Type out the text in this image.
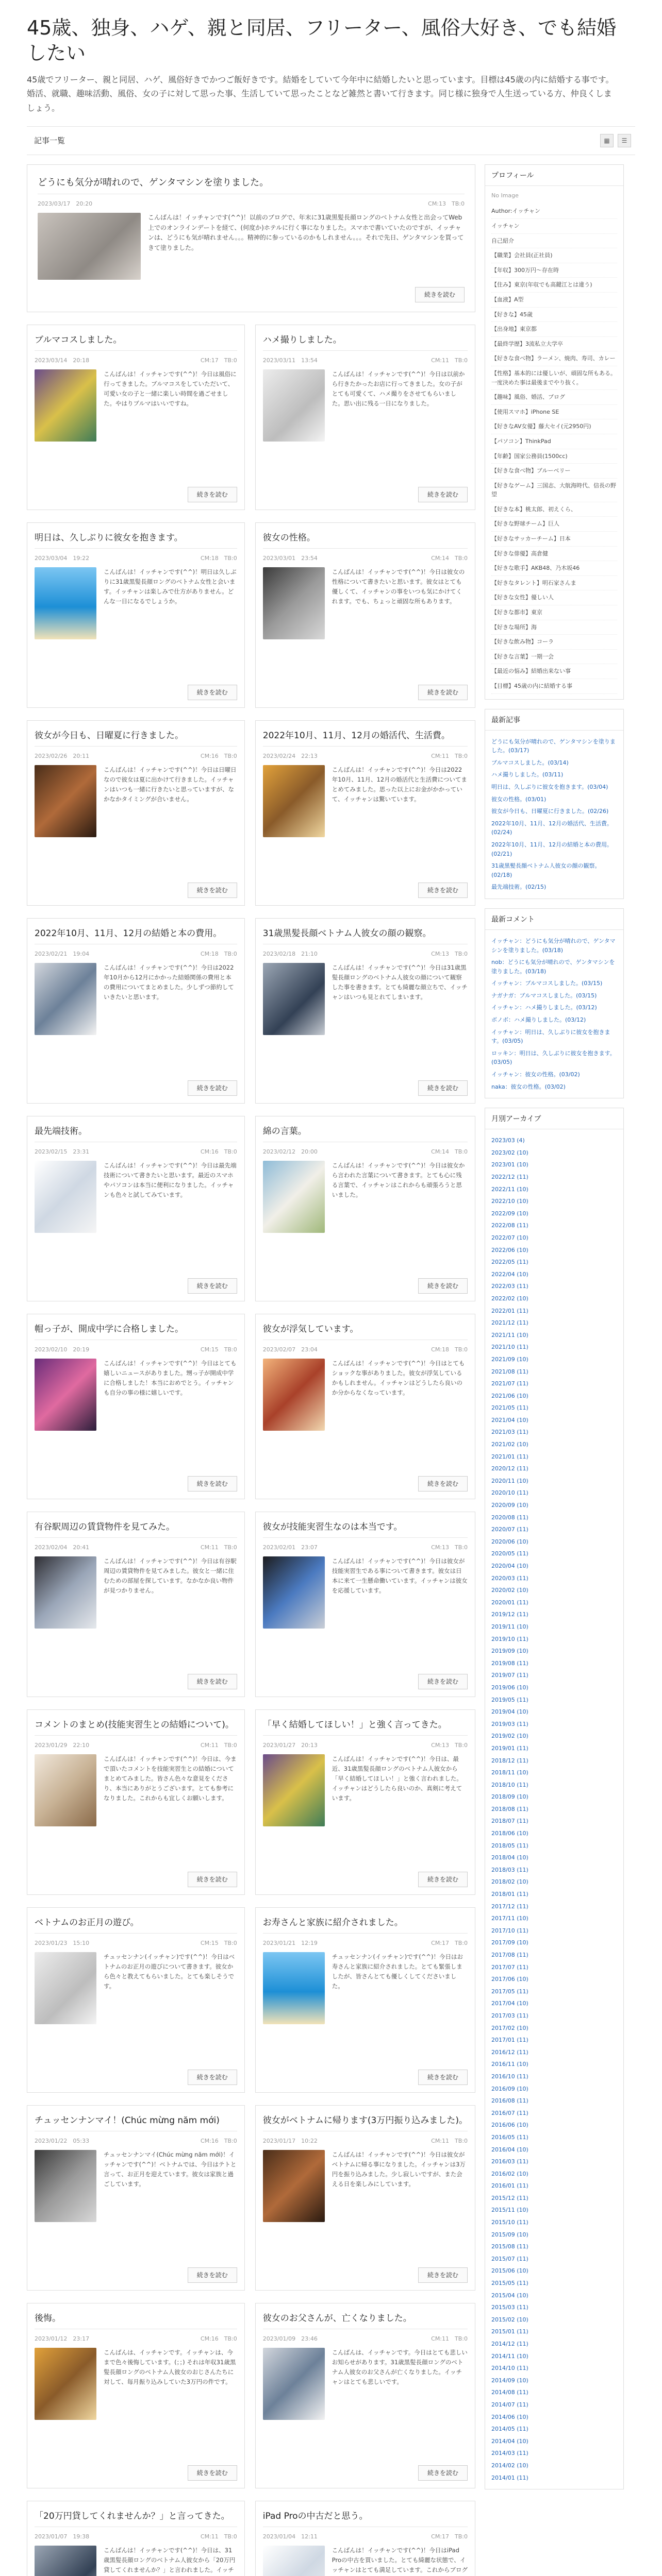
45歳、独身、ハゲ、親と同居、フリーター、風俗大好き、でも結婚したい
45歳でフリーター、親と同居、ハゲ、風俗好きでかつご飯好きです。結婚をしていて今年中に結婚したいと思っています。目標は45歳の内に結婚する事です。婚活、就職、趣味活動、風俗、女の子に対して思った事、生活していて思ったことなど雑然と書いて行きます。同じ様に独身で人生送っている方、仲良くしましょう。
記事一覧	▦	☰
どうにも気分が晴れので、ゲンタマシンを塗りました。
2023/03/17　20:20	CM:13　TB:0
こんばんは！イッチャンです(^^)！以前のブログで、年末に31歳黒髪長顔ロングのベトナム女性と出会ってWeb上でのオンラインデートを経て、(何度か)ホテルに行く事になりました。スマホで書いていたのですが、イッチャンは、どうにも気が晴れません。。。精神的に参っているのかもしれません。。。それで先日、ゲンタマシンを買ってきて塗りました。
続きを読む
ブルマコスしました。
2023/03/14　20:18	CM:17　TB:0
こんばんは！イッチャンです(^^)！今日は風俗に行ってきました。ブルマコスをしていただいて、可愛い女の子と一緒に楽しい時間を過ごせました。やはりブルマはいいですね。
続きを読む
ハメ撮りしました。
2023/03/11　13:54	CM:11　TB:0
こんばんは！イッチャンです(^^)！今日は以前から行きたかったお店に行ってきました。女の子がとても可愛くて、ハメ撮りをさせてもらいました。思い出に残る一日になりました。
続きを読む
明日は、久しぶりに彼女を抱きます。
2023/03/04　19:22	CM:18　TB:0
こんばんは！イッチャンです(^^)！明日は久しぶりに31歳黒髪長顔ロングのベトナム女性と会います。イッチャンは楽しみで仕方がありません。どんな一日になるでしょうか。
続きを読む
彼女の性格。
2023/03/01　23:54	CM:14　TB:0
こんばんは！イッチャンです(^^)！今日は彼女の性格について書きたいと思います。彼女はとても優しくて、イッチャンの事をいつも気にかけてくれます。でも、ちょっと頑固な所もあります。
続きを読む
彼女が今日も、日曜夏に行きました。
2023/02/26　20:11	CM:16　TB:0
こんばんは！イッチャンです(^^)！今日は日曜日なので彼女は夏に出かけて行きました。イッチャンはいつも一緒に行きたいと思っていますが、なかなかタイミングが合いません。
続きを読む
2022年10月、11月、12月の婚活代、生活費。
2023/02/24　22:13	CM:11　TB:0
こんばんは！イッチャンです(^^)！今日は2022年10月、11月、12月の婚活代と生活費についてまとめてみました。思った以上にお金がかかっていて、イッチャンは驚いています。
続きを読む
2022年10月、11月、12月の結婚と本の費用。
2023/02/21　19:04	CM:18　TB:0
こんばんは！イッチャンです(^^)！今日は2022年10月から12月にかかった結婚関係の費用と本の費用についてまとめました。少しずつ節約していきたいと思います。
続きを読む
31歳黒髪長顔ベトナム人彼女の顔の観察。
2023/02/18　21:10	CM:13　TB:0
こんばんは！イッチャンです(^^)！今日は31歳黒髪長顔ロングのベトナム人彼女の顔について観察した事を書きます。とても綺麗な顔立ちで、イッチャンはいつも見とれてしまいます。
続きを読む
最先端技術。
2023/02/15　23:31	CM:16　TB:0
こんばんは！イッチャンです(^^)！今日は最先端技術について書きたいと思います。最近のスマホやパソコンは本当に便利になりました。イッチャンも色々と試してみています。
続きを読む
綿の言葉。
2023/02/12　20:00	CM:14　TB:0
こんばんは！イッチャンです(^^)！今日は彼女から言われた言葉について書きます。とても心に残る言葉で、イッチャンはこれからも頑張ろうと思いました。
続きを読む
帽っ子が、開成中学に合格しました。
2023/02/10　20:19	CM:15　TB:0
こんばんは！イッチャンです(^^)！今日はとても嬉しいニュースがありました。甥っ子が開成中学に合格しました！本当におめでとう。イッチャンも自分の事の様に嬉しいです。
続きを読む
彼女が浮気しています。
2023/02/07　23:04	CM:18　TB:0
こんばんは！イッチャンです(^^)！今日はとてもショックな事がありました。彼女が浮気しているかもしれません。イッチャンはどうしたら良いのか分からなくなっています。
続きを読む
有谷駅周辺の賃貸物件を見てみた。
2023/02/04　20:41	CM:11　TB:0
こんばんは！イッチャンです(^^)！今日は有谷駅周辺の賃貸物件を見てみました。彼女と一緒に住むための部屋を探しています。なかなか良い物件が見つかりません。
続きを読む
彼女が技能実習生なのは本当です。
2023/02/01　23:07	CM:13　TB:0
こんばんは！イッチャンです(^^)！今日は彼女が技能実習生である事について書きます。彼女は日本に来て一生懸命働いています。イッチャンは彼女を応援しています。
続きを読む
コメントのまとめ(技能実習生との結婚について)。
2023/01/29　22:10	CM:11　TB:0
こんばんは！イッチャンです(^^)！今日は、今まで頂いたコメントを技能実習生との結婚についてまとめてみました。皆さん色々な意見をくださり、本当にありがとうございます。とても参考になりました。これからも宜しくお願いします。
続きを読む
「早く結婚してほしい！」と強く言ってきた。
2023/01/27　20:13	CM:13　TB:0
こんばんは！イッチャンです(^^)！今日は、最近、31歳黒髪長顔ロングのベトナム人彼女から「早く結婚してほしい！」と強く言われました。イッチャンはどうしたら良いのか、真剣に考えています。
続きを読む
ベトナムのお正月の遊び。
2023/01/23　15:10	CM:15　TB:0
チュッセンナン(イッチャン)です(^^)！今日はベトナムのお正月の遊びについて書きます。彼女から色々と教えてもらいました。とても楽しそうです。
続きを読む
お寿さんと家族に紹介されました。
2023/01/21　12:19	CM:17　TB:0
チュッセンナン(イッチャン)です(^^)！今日はお寿さんと家族に紹介されました。とても緊張しましたが、皆さんとても優しくしてくださいました。
続きを読む
チュッセンナンマイ！(Chúc mừng năm mới)
2023/01/22　05:33	CM:16　TB:0
チュッセンナンマイ(Chúc mừng năm mới)！イッチャンです(^^)！ベトナムでは、今日はテトと言って、お正月を迎えています。彼女は家族と過ごしています。
続きを読む
彼女がベトナムに帰ります(3万円振り込みました)。
2023/01/17　10:22	CM:11　TB:0
こんばんは！イッチャンです(^^)！今日は彼女がベトナムに帰る事になりました。イッチャンは3万円を振り込みました。少し寂しいですが、また会える日を楽しみにしています。
続きを読む
後悔。
2023/01/12　23:17	CM:16　TB:0
こんばんは、イッチャンです。イッチャンは、今まで色々後悔しています。(；；) それは年収31歳黒髪長顔ロングのベトナム人彼女のおじさんたちに対して、毎月振り込みしていた3万円の件です。
続きを読む
彼女のお父さんが、亡くなりました。
2023/01/09　23:46	CM:11　TB:0
こんばんは、イッチャンです。今日はとても悲しいお知らせがあります。31歳黒髪長顔ロングのベトナム人彼女のお父さんが亡くなりました。イッチャンはとても悲しいです。
続きを読む
「20万円貸してくれませんか？」と言ってきた。
2023/01/07　19:38	CM:11　TB:0
こんばんは！イッチャンです(^^)！今日は、31歳黒髪長顔ロングのベトナム人彼女から「20万円貸してくれませんか？」と言われました。イッチ
iPad Proの中古だと思う。
2023/01/04　12:11	CM:17　TB:0
こんばんは！イッチャンです(^^)！今日はiPad Proの中古を買いました。とても綺麗な状態で、イッチャンはとても満足しています。これからブログ
プロフィール
No Image
Author:イッチャン
イッチャン
自己紹介
【職業】会社員(正社員)
【年収】300万円〜存在時
【住み】東京(年収でも高鍵江とは違う)
【血液】A型
【好きな】45歳
【出身地】東京都
【最終学歴】3流私立大学卒
【好きな食べ物】ラーメン、焼肉、寿司、カレー
【性格】基本的には優しいが、頑固な所もある。一度決めた事は最後までやり抜く。
【趣味】風俗、婚活、ブログ
【使用スマホ】iPhone SE
【好きなAV女優】藤大セイ(元2950円)
【パソコン】ThinkPad
【年齢】国家公務員(1500cc)
【好きな食べ物】ブルーベリー
【好きなゲーム】三国志、大航海時代、信長の野望
【好きな本】桃太郎、初えくら、
【好きな野球チーム】巨人
【好きなサッカーチーム】日本
【好きな俳優】高倉健
【好きな歌手】AKB48、乃木坂46
【好きなタレント】明石家さんま
【好きな女性】優しい人
【好きな都市】東京
【好きな場所】海
【好きな飲み物】コーラ
【好きな言葉】一期一会
【最近の悩み】結婚出来ない事
【目標】45歳の内に結婚する事
最新記事
どうにも気分が晴れので、ゲンタマシンを塗りました。(03/17)
ブルマコスしました。(03/14)
ハメ撮りしました。(03/11)
明日は、久しぶりに彼女を抱きます。(03/04)
彼女の性格。(03/01)
彼女が今日も、日曜夏に行きました。(02/26)
2022年10月、11月、12月の婚活代、生活費。(02/24)
2022年10月、11月、12月の結婚と本の費用。(02/21)
31歳黒髪長顔ベトナム人彼女の顔の観察。(02/18)
最先端技術。(02/15)
最新コメント
イッチャン：どうにも気分が晴れので、ゲンタマシンを塗りました。(03/18)
nob：どうにも気分が晴れので、ゲンタマシンを塗りました。(03/18)
イッチャン：ブルマコスしました。(03/15)
ナガナガ：ブルマコスしました。(03/15)
イッチャン：ハメ撮りしました。(03/12)
ボノボ：ハメ撮りしました。(03/12)
イッチャン：明日は、久しぶりに彼女を抱きます。(03/05)
ロッキン：明日は、久しぶりに彼女を抱きます。(03/05)
イッチャン：彼女の性格。(03/02)
naka：彼女の性格。(03/02)
月別アーカイブ
2023/03 (4)
2023/02 (10)
2023/01 (10)
2022/12 (11)
2022/11 (10)
2022/10 (10)
2022/09 (10)
2022/08 (11)
2022/07 (10)
2022/06 (10)
2022/05 (11)
2022/04 (10)
2022/03 (11)
2022/02 (10)
2022/01 (11)
2021/12 (11)
2021/11 (10)
2021/10 (11)
2021/09 (10)
2021/08 (11)
2021/07 (11)
2021/06 (10)
2021/05 (11)
2021/04 (10)
2021/03 (11)
2021/02 (10)
2021/01 (11)
2020/12 (11)
2020/11 (10)
2020/10 (11)
2020/09 (10)
2020/08 (11)
2020/07 (11)
2020/06 (10)
2020/05 (11)
2020/04 (10)
2020/03 (11)
2020/02 (10)
2020/01 (11)
2019/12 (11)
2019/11 (10)
2019/10 (11)
2019/09 (10)
2019/08 (11)
2019/07 (11)
2019/06 (10)
2019/05 (11)
2019/04 (10)
2019/03 (11)
2019/02 (10)
2019/01 (11)
2018/12 (11)
2018/11 (10)
2018/10 (11)
2018/09 (10)
2018/08 (11)
2018/07 (11)
2018/06 (10)
2018/05 (11)
2018/04 (10)
2018/03 (11)
2018/02 (10)
2018/01 (11)
2017/12 (11)
2017/11 (10)
2017/10 (11)
2017/09 (10)
2017/08 (11)
2017/07 (11)
2017/06 (10)
2017/05 (11)
2017/04 (10)
2017/03 (11)
2017/02 (10)
2017/01 (11)
2016/12 (11)
2016/11 (10)
2016/10 (11)
2016/09 (10)
2016/08 (11)
2016/07 (11)
2016/06 (10)
2016/05 (11)
2016/04 (10)
2016/03 (11)
2016/02 (10)
2016/01 (11)
2015/12 (11)
2015/11 (10)
2015/10 (11)
2015/09 (10)
2015/08 (11)
2015/07 (11)
2015/06 (10)
2015/05 (11)
2015/04 (10)
2015/03 (11)
2015/02 (10)
2015/01 (11)
2014/12 (11)
2014/11 (10)
2014/10 (11)
2014/09 (10)
2014/08 (11)
2014/07 (11)
2014/06 (10)
2014/05 (11)
2014/04 (10)
2014/03 (11)
2014/02 (10)
2014/01 (11)
